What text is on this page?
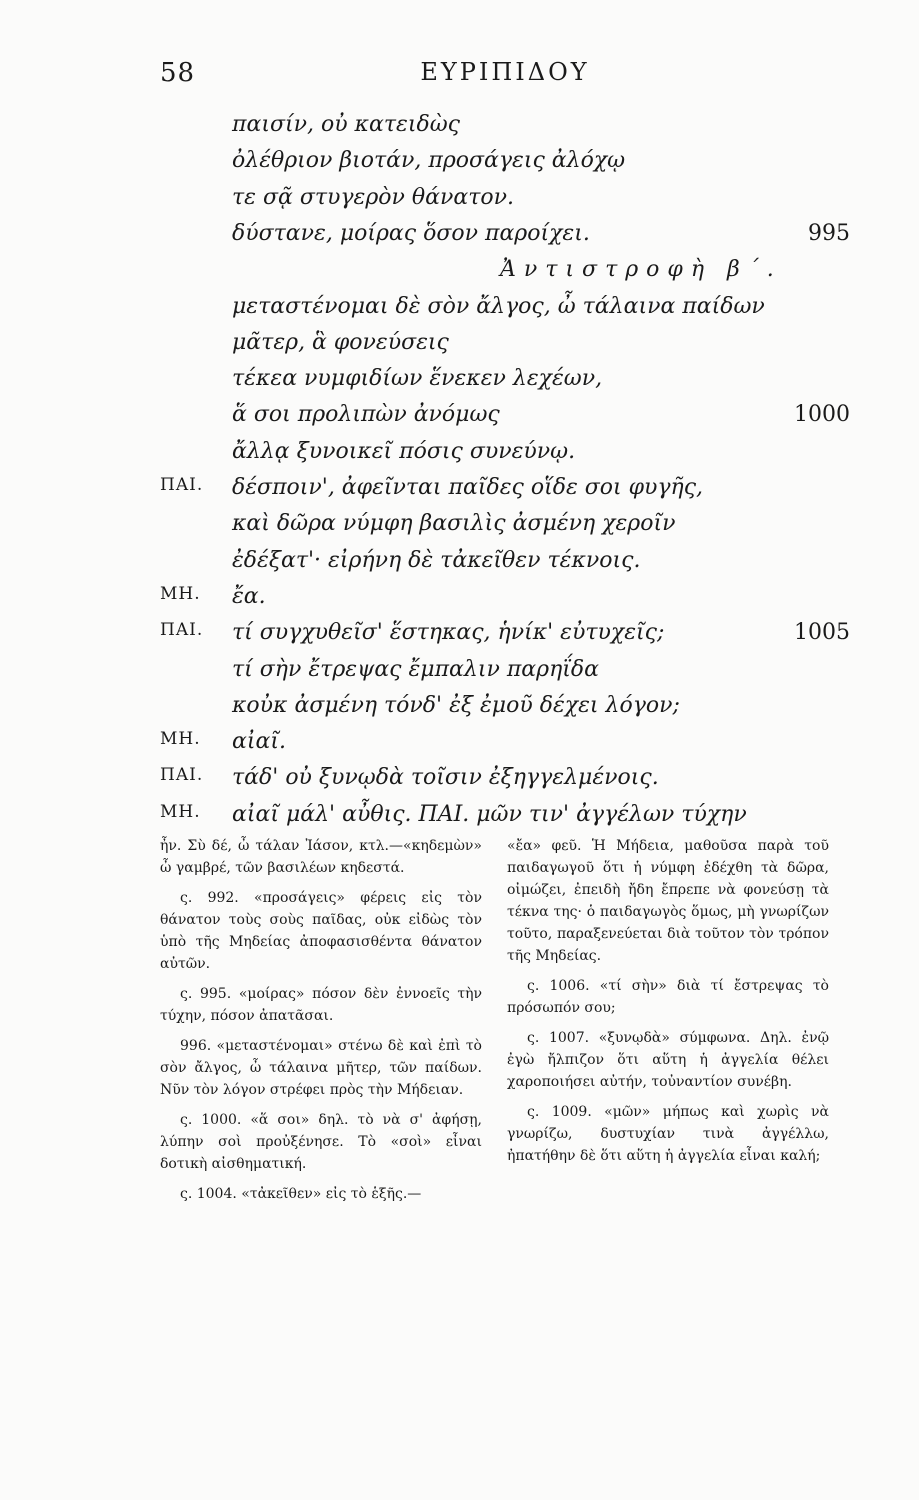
58	ΕΥΡΙΠΙΔΟΥ
παισίν, οὐ κατειδὼς
ὀλέθριον βιοτάν, προσάγεις ἀλόχῳ
τε σᾷ στυγερὸν θάνατον.
δύστανε, μοίρας ὅσον παροίχει.	995
Ἀντιστροφὴ β΄.
μεταστένομαι δὲ σὸν ἄλγος, ὦ τάλαινα παίδων
μᾶτερ, ἃ φονεύσεις
τέκεα νυμφιδίων ἕνεκεν λεχέων,
ἅ σοι προλιπὼν ἀνόμως	1000
ἄλλᾳ ξυνοικεῖ πόσις συνεύνῳ.
ΠΑΙ. δέσποιν', ἀφεῖνται παῖδες οἵδε σοι φυγῆς,
καὶ δῶρα νύμφη βασιλὶς ἀσμένη χεροῖν
ἐδέξατ'· εἰρήνη δὲ τἀκεῖθεν τέκνοις.
ΜΗ. ἔα.
ΠΑΙ. τί συγχυθεῖσ' ἕστηκας, ἡνίκ' εὐτυχεῖς;	1005
τί σὴν ἔτρεψας ἔμπαλιν παρηΐδα
κοὐκ ἀσμένη τόνδ' ἐξ ἐμοῦ δέχει λόγον;
ΜΗ. αἰαῖ.
ΠΑΙ. τάδ' οὐ ξυνῳδὰ τοῖσιν ἐξηγγελμένοις.
ΜΗ. αἰαῖ μάλ' αὖθις. ΠΑΙ. μῶν τιν' ἀγγέλων τύχην

ἦν. Σὺ δέ, ὦ τάλαν Ἰάσον, κτλ.—«κηδεμὼν» ὦ γαμβρέ, τῶν βασιλέων κηδεστά.

ς. 992. «προσάγεις» φέρεις εἰς τὸν θάνατον τοὺς σοὺς παῖδας, οὐκ εἰδὼς τὸν ὑπὸ τῆς Μηδείας ἀποφασισθέντα θάνατον αὐτῶν.

ς. 995. «μοίρας» πόσον δὲν ἐννοεῖς τὴν τύχην, πόσον ἀπατᾶσαι.

996. «μεταστένομαι» στένω δὲ καὶ ἐπὶ τὸ σὸν ἄλγος, ὦ τάλαινα μῆτερ, τῶν παίδων. Νῦν τὸν λόγον στρέφει πρὸς τὴν Μήδειαν.

ς. 1000. «ἅ σοι» δηλ. τὸ νὰ σ' ἀφήσῃ, λύπην σοὶ προὐξένησε. Τὸ «σοὶ» εἶναι δοτικὴ αἰσθηματική.

ς. 1004. «τἀκεῖθεν» εἰς τὸ ἑξῆς.—

«ἔα» φεῦ. Ἡ Μήδεια, μαθοῦσα παρὰ τοῦ παιδαγωγοῦ ὅτι ἡ νύμφη ἐδέχθη τὰ δῶρα, οἰμώζει, ἐπειδὴ ἤδη ἔπρεπε νὰ φονεύσῃ τὰ τέκνα της· ὁ παιδαγωγὸς ὅμως, μὴ γνωρίζων τοῦτο, παραξενεύεται διὰ τοῦτον τὸν τρόπον τῆς Μηδείας.

ς. 1006. «τί σὴν» διὰ τί ἔστρεψας τὸ πρόσωπόν σου;

ς. 1007. «ξυνῳδὰ» σύμφωνα. Δηλ. ἐνῷ ἐγὼ ἤλπιζον ὅτι αὕτη ἡ ἀγγελία θέλει χαροποιήσει αὐτήν, τοὐναντίον συνέβη.

ς. 1009. «μῶν» μήπως καὶ χωρὶς νὰ γνωρίζω, δυστυχίαν τινὰ ἀγγέλλω, ἠπατήθην δὲ ὅτι αὕτη ἡ ἀγγελία εἶναι καλή;
